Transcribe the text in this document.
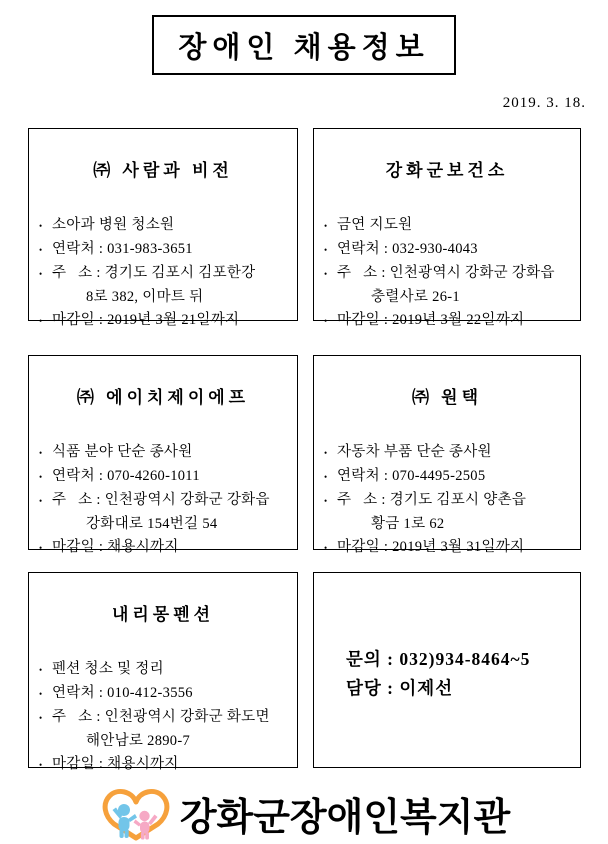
장애인 채용정보
2019. 3. 18.
㈜ 사람과 비전
• 소아과 병원 청소원
• 연락처 : 031-983-3651
• 주   소 : 경기도 김포시 김포한강
8로 382, 이마트 뒤
• 마감일 : 2019년 3월 21일까지
강화군보건소
• 금연 지도원
• 연락처 : 032-930-4043
• 주   소 : 인천광역시 강화군 강화읍
충렬사로 26-1
• 마감일 : 2019년 3월 22일까지
㈜ 에이치제이에프
• 식품 분야 단순 종사원
• 연락처 : 070-4260-1011
• 주   소 : 인천광역시 강화군 강화읍
강화대로 154번길 54
• 마감일 : 채용시까지
㈜ 원택
• 자동차 부품 단순 종사원
• 연락처 : 070-4495-2505
• 주   소 : 경기도 김포시 양촌읍
황금 1로 62
• 마감일 : 2019년 3월 31일까지
내리몽펜션
• 펜션 청소 및 정리
• 연락처 : 010-412-3556
• 주   소 : 인천광역시 강화군 화도면
해안남로 2890-7
• 마감일 : 채용시까지
문의 : 032)934-8464~5
담당 : 이제선
강화군장애인복지관
